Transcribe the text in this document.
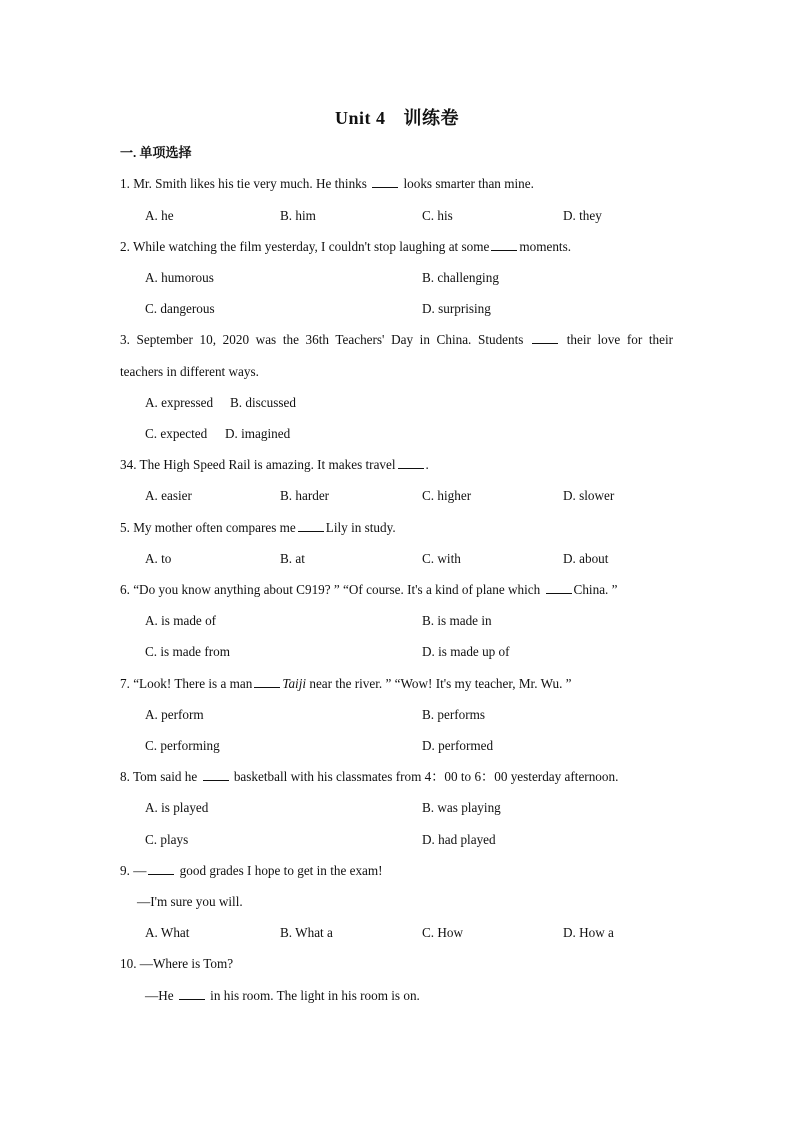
Unit 4 训练卷
一. 单项选择
1. Mr. Smith likes his tie very much. He thinks	looks smarter than mine.
A. he	B. him	C. his	D. they
2. While watching the film yesterday, I couldn't stop laughing at some moments.
A. humorous	B. challenging
C. dangerous	D. surprising
3. September 10, 2020 was the 36th Teachers' Day in China. Students	their love for their
teachers in different ways.
A. expressed B. discussed
C. expected D. imagined
34. The High Speed Rail is amazing. It makes travel .
A. easier	B. harder	C. higher	D. slower
5. My mother often compares me Lily in study.
A. to	B. at	C. with	D. about
6. “Do you know anything about C919? ” “Of course. It's a kind of plane which	China. ”
A. is made of	B. is made in
C. is made from	D. is made up of
7. “Look! There is a man Taiji near the river. ” “Wow! It's my teacher, Mr. Wu. ”
A. perform	B. performs
C. performing	D. performed
8. Tom said he	basketball with his classmates from 4：00 to 6：00 yesterday afternoon.
A. is played	B. was playing
C. plays	D. had played
9. —	good grades I hope to get in the exam!
—I'm sure you will.
A. What	B. What a	C. How	D. How a
10. —Where is Tom?
—He	in his room. The light in his room is on.
